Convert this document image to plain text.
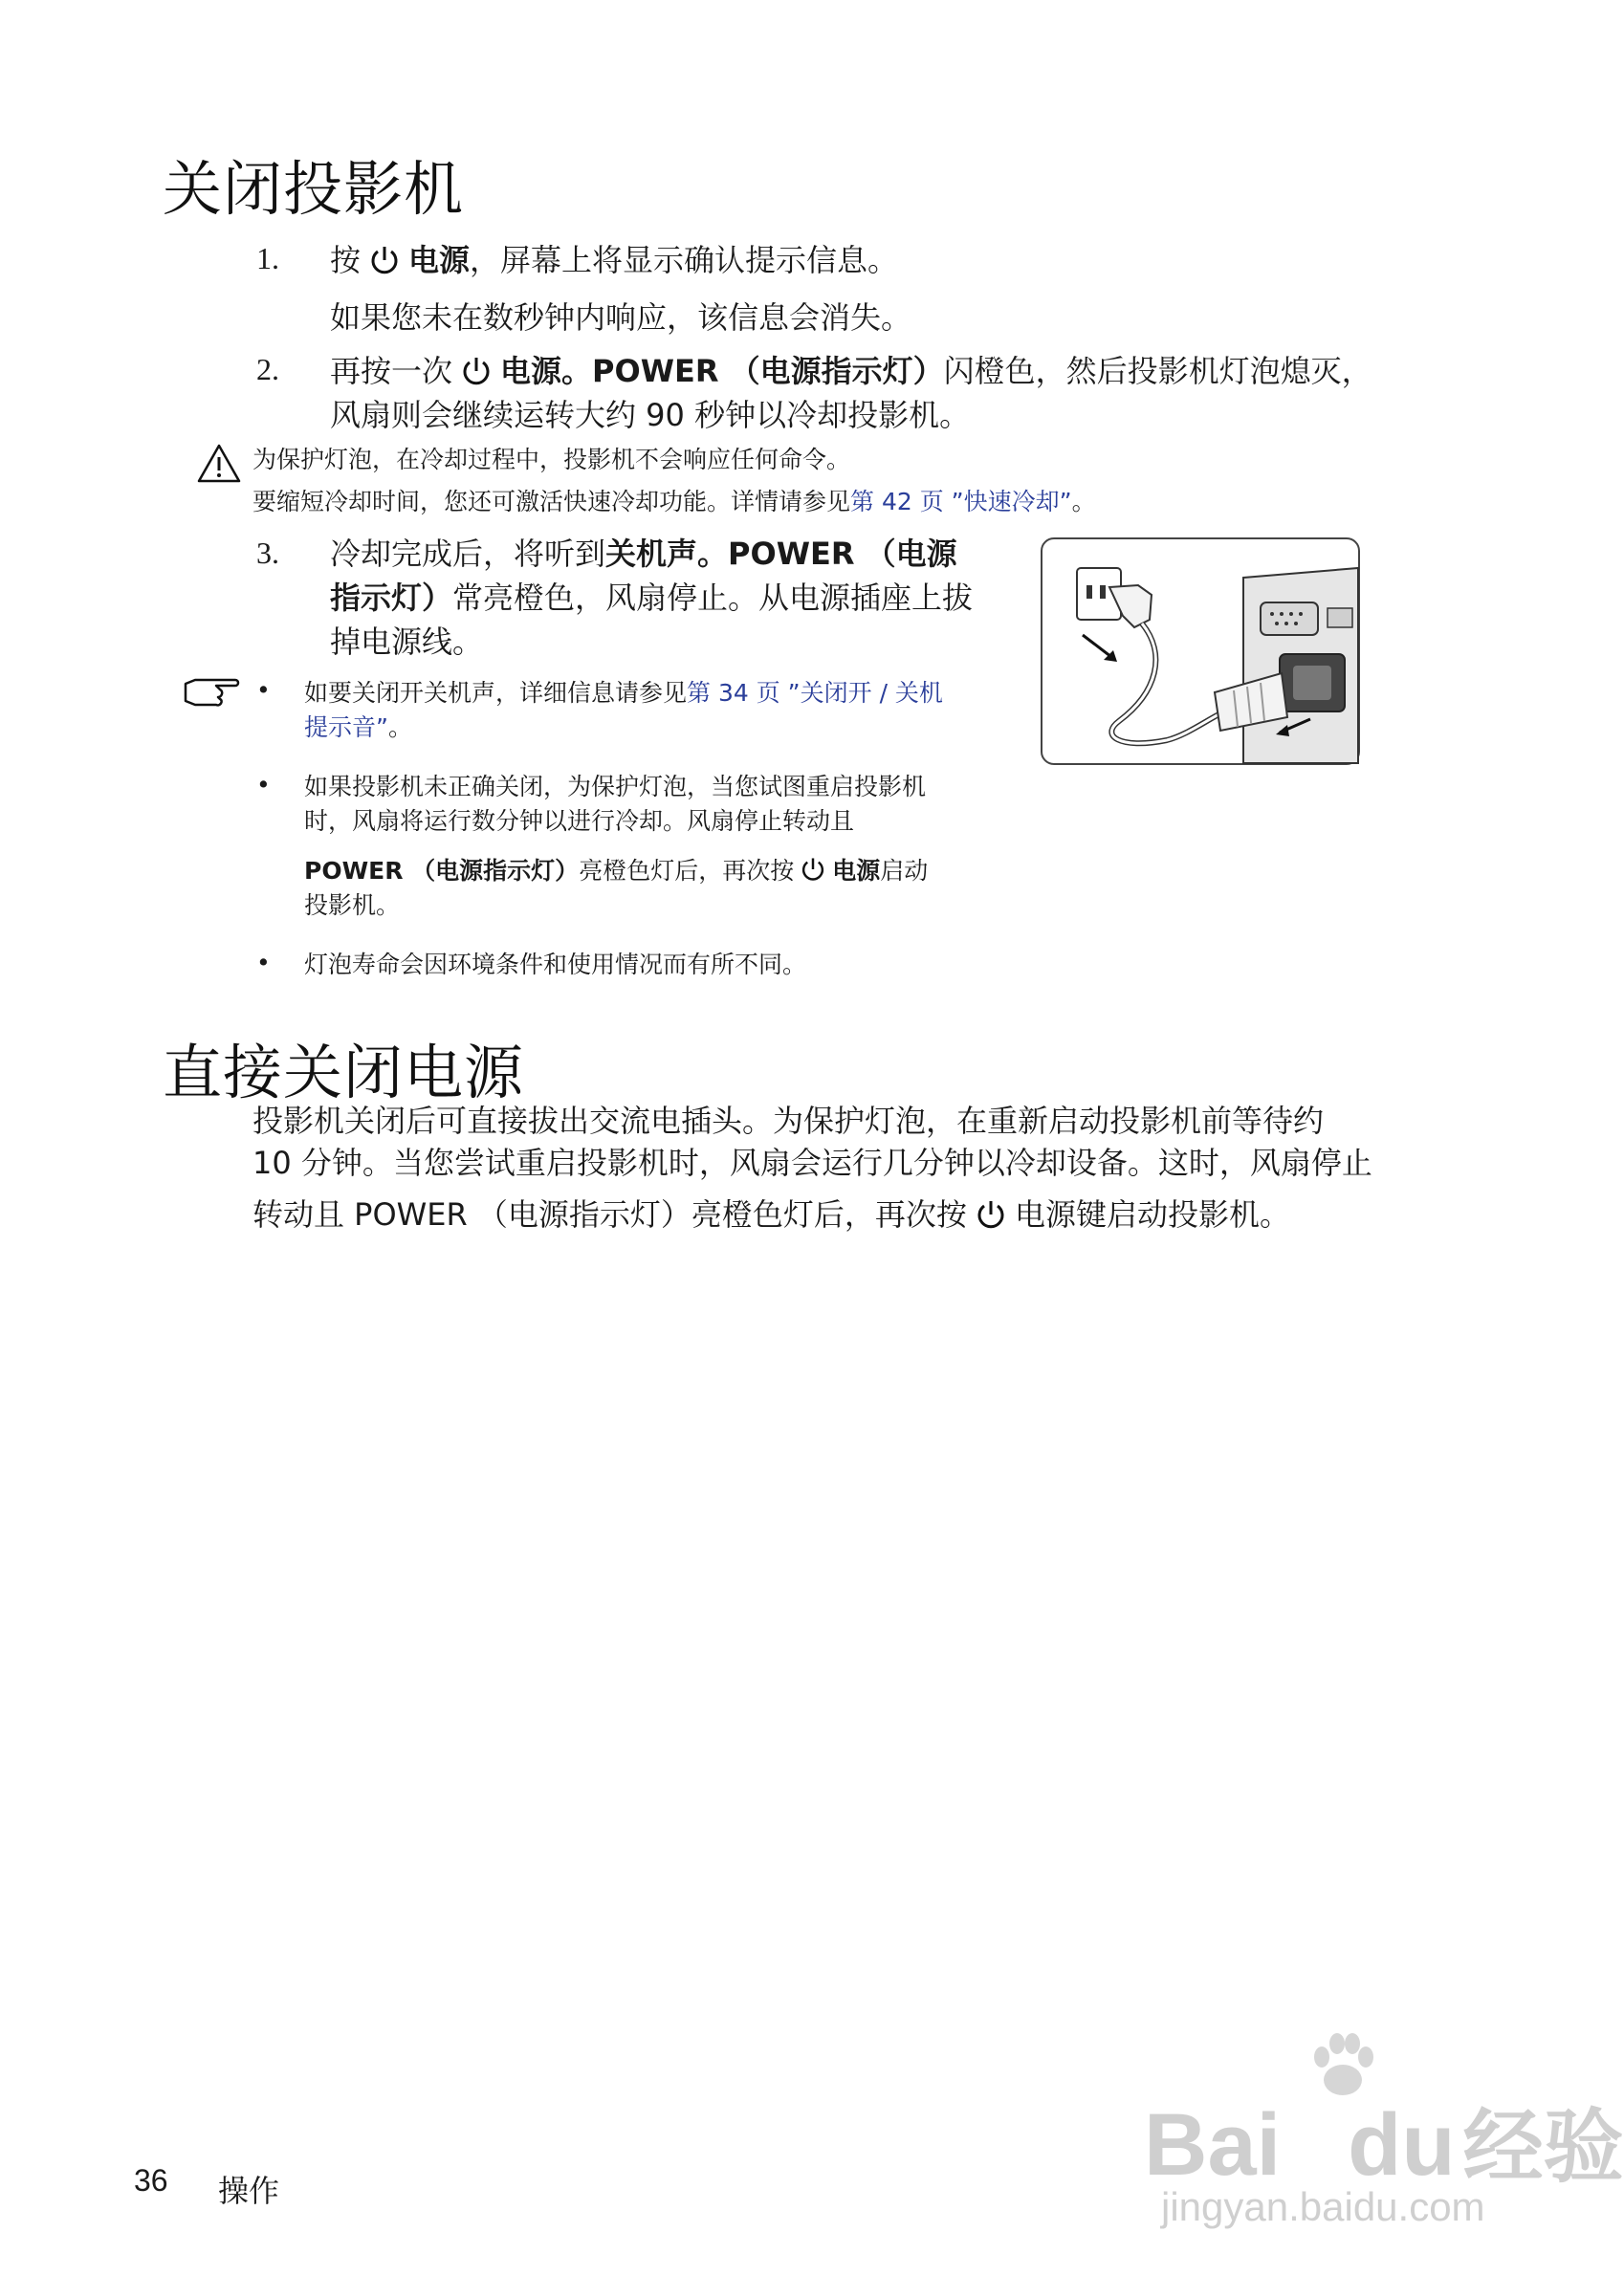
关闭投影机
1. 按 电源，屏幕上将显示确认提示信息。
如果您未在数秒钟内响应，该信息会消失。
2. 再按一次 电源。POWER （电源指示灯）闪橙色，然后投影机灯泡熄灭，
风扇则会继续运转大约 90 秒钟以冷却投影机。
为保护灯泡，在冷却过程中，投影机不会响应任何命令。
要缩短冷却时间，您还可激活快速冷却功能。详情请参见第 42 页 ”快速冷却”。
3. 冷却完成后，将听到关机声。POWER （电源
指示灯）常亮橙色，风扇停止。从电源插座上拔
掉电源线。
• 如要关闭开关机声，详细信息请参见第 34 页 ”关闭开 / 关机
提示音”。
• 如果投影机未正确关闭，为保护灯泡，当您试图重启投影机
时，风扇将运行数分钟以进行冷却。风扇停止转动且
POWER （电源指示灯）亮橙色灯后，再次按 电源启动
投影机。
• 灯泡寿命会因环境条件和使用情况而有所不同。
直接关闭电源
投影机关闭后可直接拔出交流电插头。为保护灯泡，在重新启动投影机前等待约
10 分钟。当您尝试重启投影机时，风扇会运行几分钟以冷却设备。这时，风扇停止
转动且 POWER （电源指示灯）亮橙色灯后，再次按 电源键启动投影机。
36 操作	Bai du经验
jingyan.baidu.com
